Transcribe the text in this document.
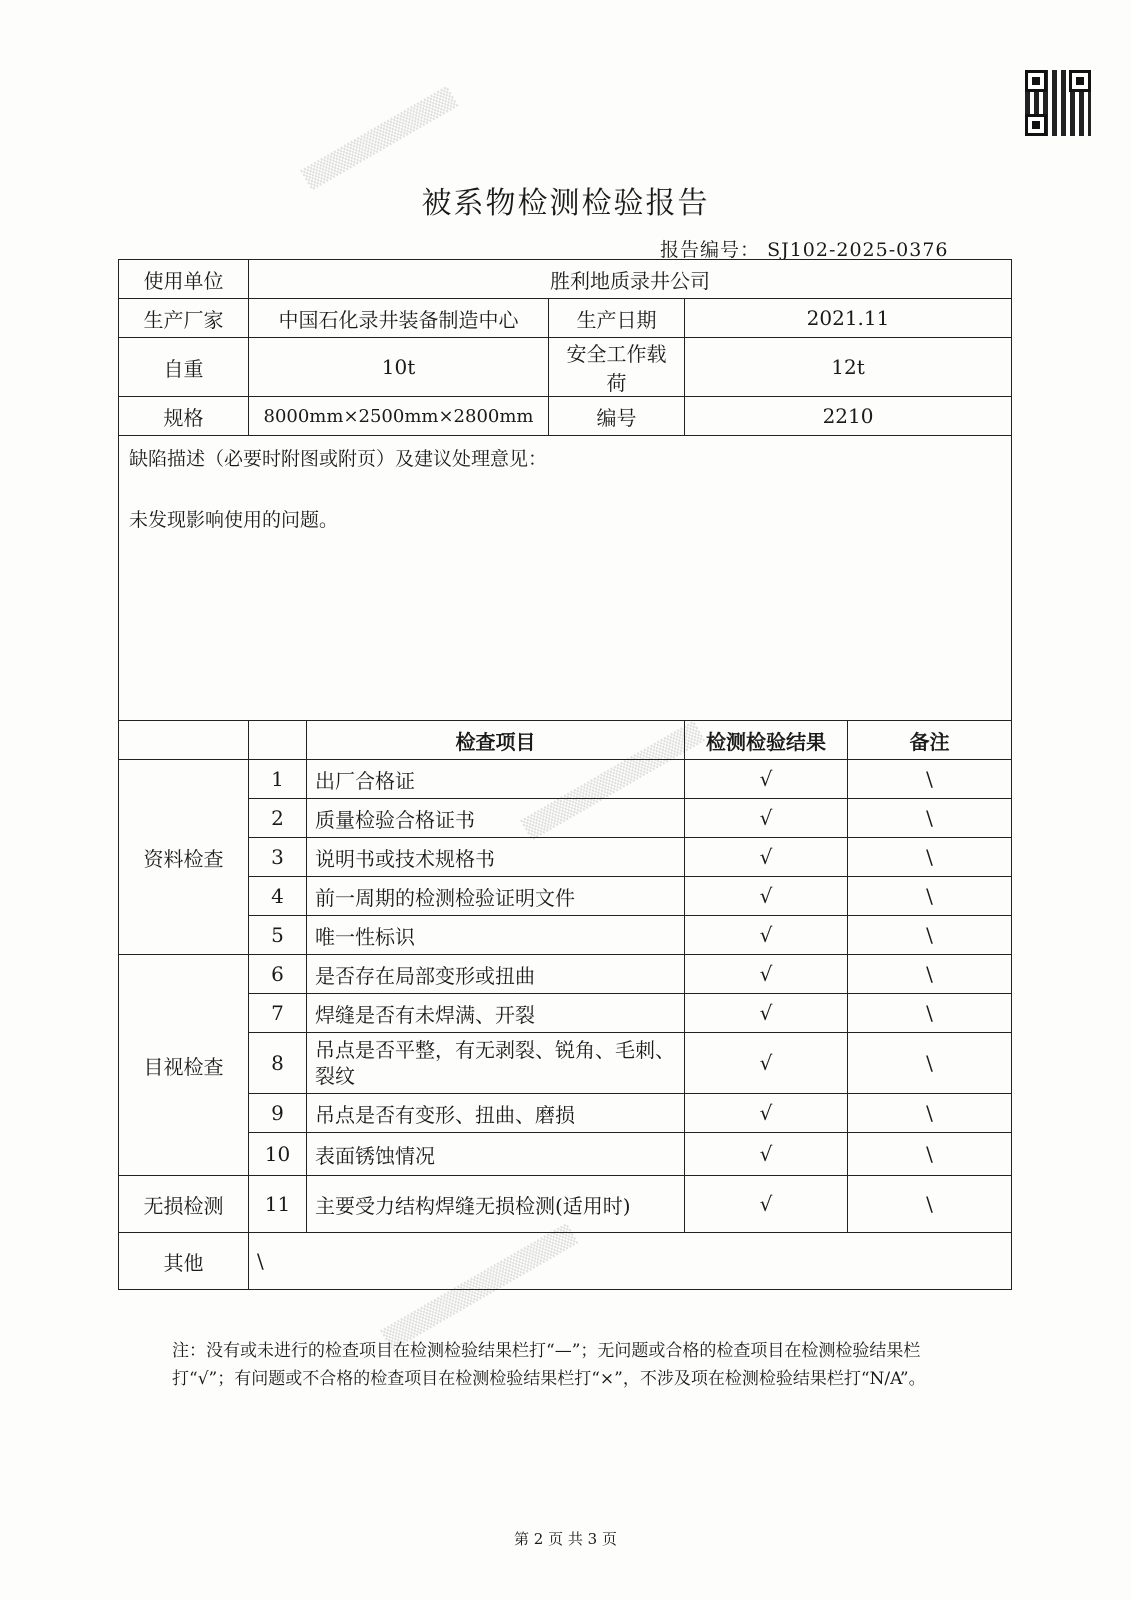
▒▒▒▒▒▒▒▒▒▒▒
▒▒▒▒▒▒▒▒▒▒▒▒▒
▒▒▒▒▒▒▒▒▒▒▒▒▒▒
被系物检测检验报告
报告编号： SJ102-2025-0376
使用单位	胜利地质录井公司				
生产厂家	中国石化录井装备制造中心		生产日期	2021.11	
自重	10t		安全工作载荷	12t	
规格	8000mm×2500mm×2800mm		编号	2210	

缺陷描述（必要时附图或附页）及建议处理意见：
未发现影响使用的问题。					

		检查项目		检测检验结果	备注
资料检查	1	出厂合格证		√	\
	2	质量检验合格证书		√	\
	3	说明书或技术规格书		√	\
	4	前一周期的检测检验证明文件		√	\
	5	唯一性标识		√	\
目视检查	6	是否存在局部变形或扭曲		√	\
	7	焊缝是否有未焊满、开裂		√	\
	8	吊点是否平整，有无剥裂、锐角、毛刺、裂纹		√	\
	9	吊点是否有变形、扭曲、磨损		√	\
	10	表面锈蚀情况		√	\
无损检测	11	主要受力结构焊缝无损检测(适用时)		√	\
其他	\				
注：没有或未进行的检查项目在检测检验结果栏打“—”；无问题或合格的检查项目在检测检验结果栏打“√”；有问题或不合格的检查项目在检测检验结果栏打“×”，不涉及项在检测检验结果栏打“N/A”。
第 2 页 共 3 页
